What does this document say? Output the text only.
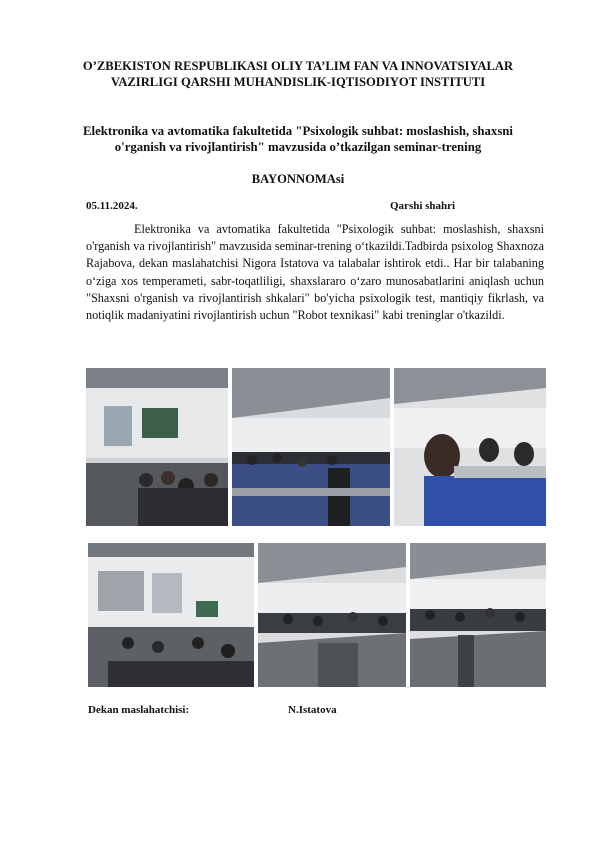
O’ZBEKISTON RESPUBLIKASI OLIY TA’LIM FAN VA INNOVATSIYALAR VAZIRLIGI QARSHI MUHANDISLIK-IQTISODIYOT INSTITUTI
Elektronika va avtomatika fakultetida "Psixologik suhbat: moslashish, shaxsni o'rganish va rivojlantirish" mavzusida o’tkazilgan seminar-trening
BAYONNOMAsi
05.11.2024.	Qarshi shahri

Elektronika va avtomatika fakultetida "Psixologik suhbat: moslashish, shaxsni o'rganish va rivojlantirish" mavzusida seminar-trening o‘tkazildi.Tadbirda psixolog Shaxnoza Rajabova, dekan maslahatchisi Nigora Istatova va talabalar ishtirok etdi.. Har bir talabaning o‘ziga xos temperameti, sabr-toqatliligi, shaxslararo o‘zaro munosabatlarini aniqlash uchun "Shaxsni o'rganish va rivojlantirish shkalari" bo'yicha psixologik test, mantiqiy fikrlash, va notiqlik madaniyatini rivojlantirish uchun "Robot texnikasi" kabi treninglar o'tkazildi.

Dekan maslahatchisi:	N.Istatova
